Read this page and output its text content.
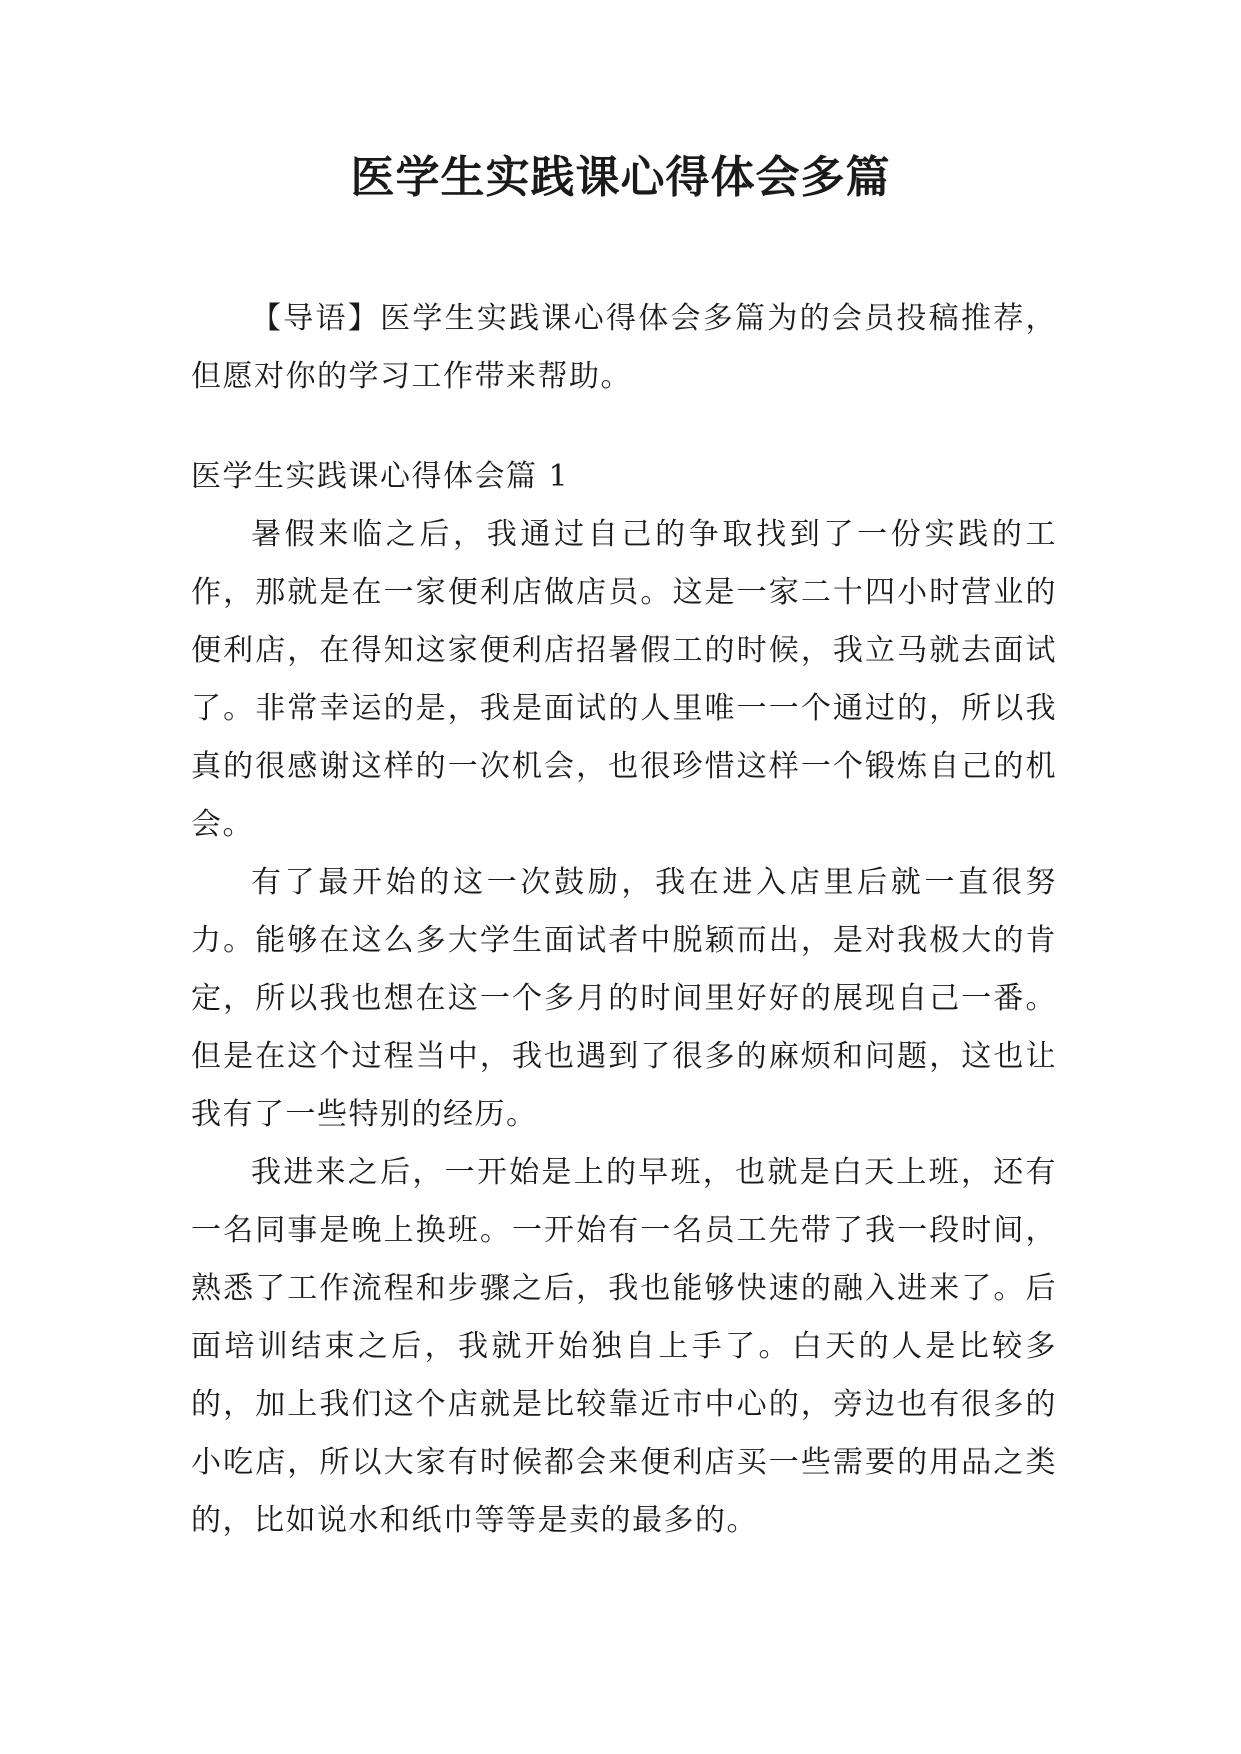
医学生实践课心得体会多篇

【导语】医学生实践课心得体会多篇为的会员投稿推荐，但愿对你的学习工作带来帮助。

医学生实践课心得体会篇 1

暑假来临之后，我通过自己的争取找到了一份实践的工作，那就是在一家便利店做店员。这是一家二十四小时营业的便利店，在得知这家便利店招暑假工的时候，我立马就去面试了。非常幸运的是，我是面试的人里唯一一个通过的，所以我真的很感谢这样的一次机会，也很珍惜这样一个锻炼自己的机会。

有了最开始的这一次鼓励，我在进入店里后就一直很努力。能够在这么多大学生面试者中脱颖而出，是对我极大的肯定，所以我也想在这一个多月的时间里好好的展现自己一番。但是在这个过程当中，我也遇到了很多的麻烦和问题，这也让我有了一些特别的经历。

我进来之后，一开始是上的早班，也就是白天上班，还有一名同事是晚上换班。一开始有一名员工先带了我一段时间，熟悉了工作流程和步骤之后，我也能够快速的融入进来了。后面培训结束之后，我就开始独自上手了。白天的人是比较多的，加上我们这个店就是比较靠近市中心的，旁边也有很多的小吃店，所以大家有时候都会来便利店买一些需要的用品之类的，比如说水和纸巾等等是卖的最多的。
